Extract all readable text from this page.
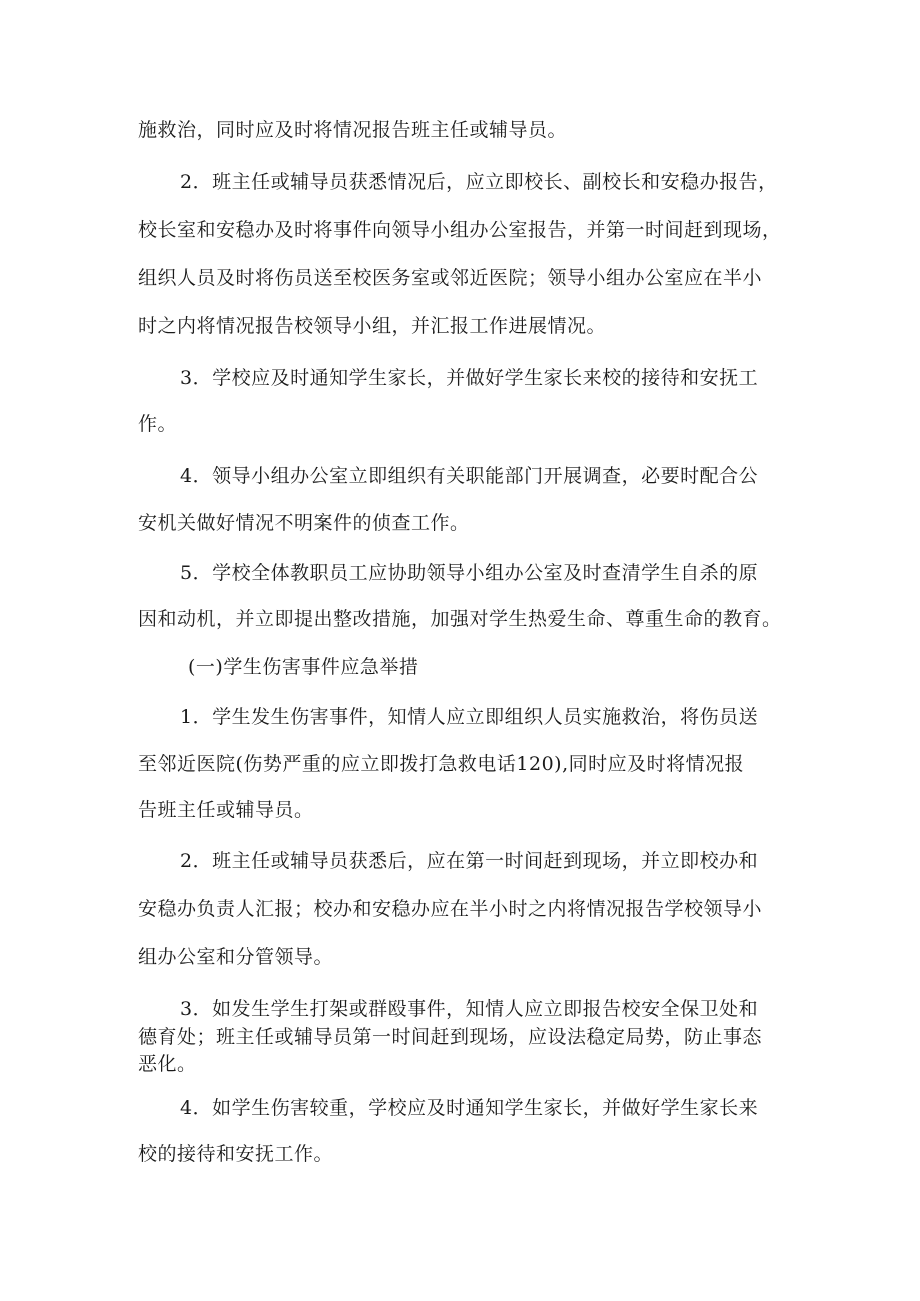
施救治，同时应及时将情况报告班主任或辅导员。
2．班主任或辅导员获悉情况后，应立即校长、副校长和安稳办报告，
校长室和安稳办及时将事件向领导小组办公室报告，并第一时间赶到现场，
组织人员及时将伤员送至校医务室或邻近医院；领导小组办公室应在半小
时之内将情况报告校领导小组，并汇报工作进展情况。
3．学校应及时通知学生家长，并做好学生家长来校的接待和安抚工
作。
4．领导小组办公室立即组织有关职能部门开展调查，必要时配合公
安机关做好情况不明案件的侦查工作。
5．学校全体教职员工应协助领导小组办公室及时查清学生自杀的原
因和动机，并立即提出整改措施，加强对学生热爱生命、尊重生命的教育。
(一)学生伤害事件应急举措
1．学生发生伤害事件，知情人应立即组织人员实施救治，将伤员送
至邻近医院(伤势严重的应立即拨打急救电话120),同时应及时将情况报
告班主任或辅导员。
2．班主任或辅导员获悉后，应在第一时间赶到现场，并立即校办和
安稳办负责人汇报；校办和安稳办应在半小时之内将情况报告学校领导小
组办公室和分管领导。
3．如发生学生打架或群殴事件，知情人应立即报告校安全保卫处和
德育处；班主任或辅导员第一时间赶到现场，应设法稳定局势，防止事态
恶化。
4．如学生伤害较重，学校应及时通知学生家长，并做好学生家长来
校的接待和安抚工作。
